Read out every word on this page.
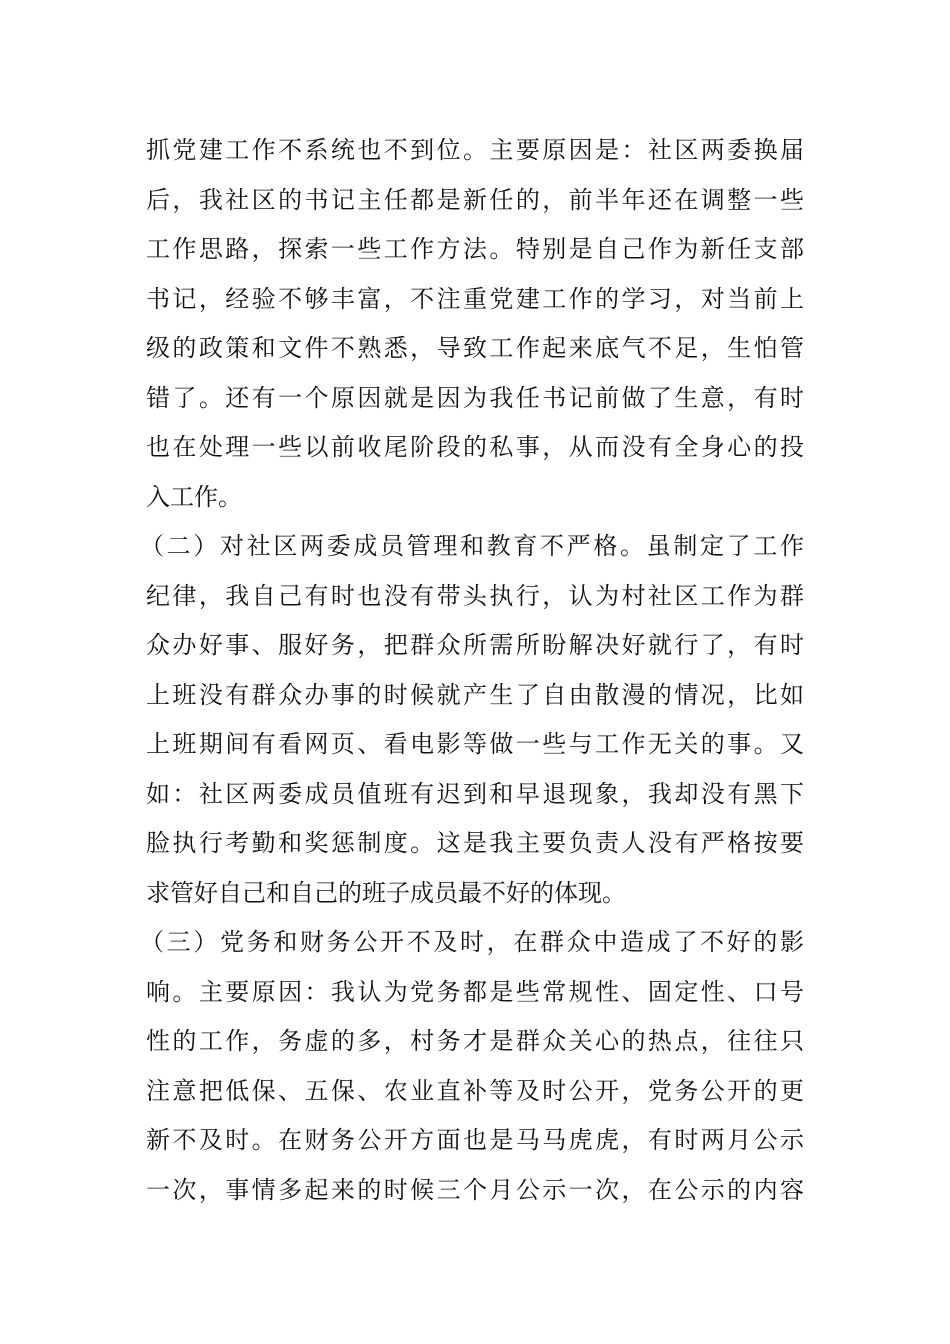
抓党建工作不系统也不到位。主要原因是：社区两委换届
后，我社区的书记主任都是新任的，前半年还在调整一些
工作思路，探索一些工作方法。特别是自己作为新任支部
书记，经验不够丰富，不注重党建工作的学习，对当前上
级的政策和文件不熟悉，导致工作起来底气不足，生怕管
错了。还有一个原因就是因为我任书记前做了生意，有时
也在处理一些以前收尾阶段的私事，从而没有全身心的投
入工作。
（二）对社区两委成员管理和教育不严格。虽制定了工作
纪律，我自己有时也没有带头执行，认为村社区工作为群
众办好事、服好务，把群众所需所盼解决好就行了，有时
上班没有群众办事的时候就产生了自由散漫的情况，比如
上班期间有看网页、看电影等做一些与工作无关的事。又
如：社区两委成员值班有迟到和早退现象，我却没有黑下
脸执行考勤和奖惩制度。这是我主要负责人没有严格按要
求管好自己和自己的班子成员最不好的体现。
（三）党务和财务公开不及时，在群众中造成了不好的影
响。主要原因：我认为党务都是些常规性、固定性、口号
性的工作，务虚的多，村务才是群众关心的热点，往往只
注意把低保、五保、农业直补等及时公开，党务公开的更
新不及时。在财务公开方面也是马马虎虎，有时两月公示
一次，事情多起来的时候三个月公示一次，在公示的内容
